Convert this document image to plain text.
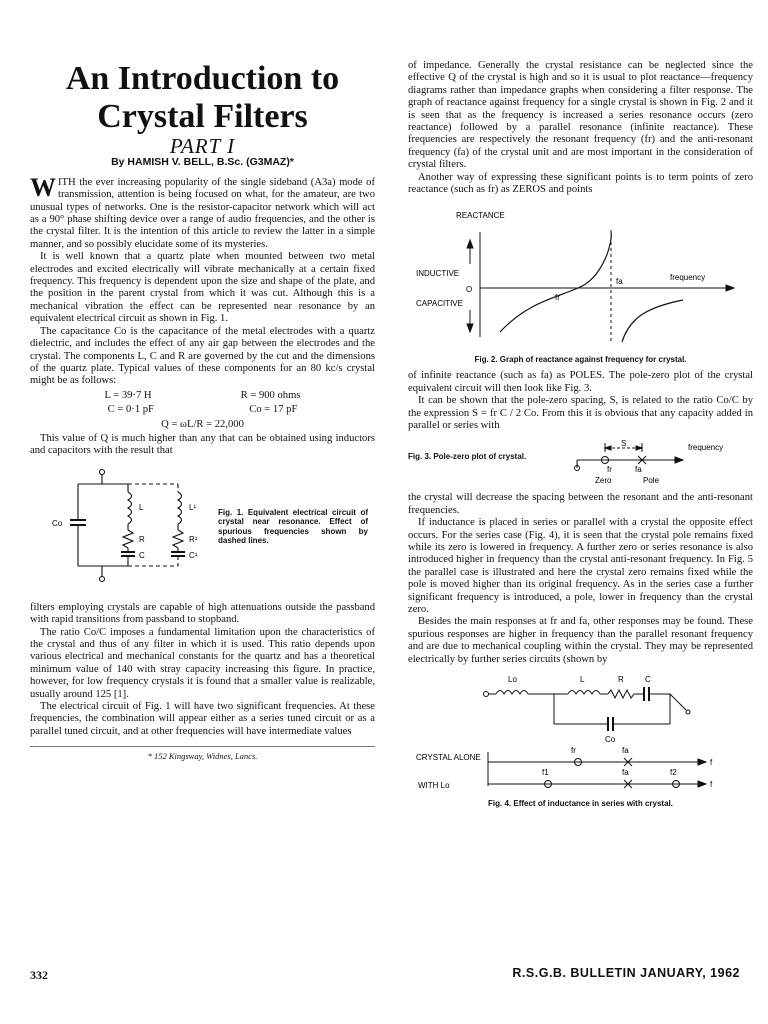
An Introduction to
Crystal Filters
PART I
By HAMISH V. BELL, B.Sc. (G3MAZ)*

WITH the ever increasing popularity of the single sideband (A3a) mode of transmission, attention is being focused on what, for the amateur, are two unusual types of networks. One is the resistor-capacitor network which will act as a 90° phase shifting device over a range of audio frequencies, and the other is the crystal filter. It is the intention of this article to review the latter in a simple manner, and so possibly elucidate some of its mysteries.

It is well known that a quartz plate when mounted between two metal electrodes and excited electrically will vibrate mechanically at a certain fixed frequency. This frequency is dependent upon the size and shape of the plate, and the position in the parent crystal from which it was cut. Although this is a mechanical vibration the effect can be represented near resonance by an equivalent electrical circuit as shown in Fig. 1.

The capacitance Co is the capacitance of the metal electrodes with a quartz dielectric, and includes the effect of any air gap between the electrodes and the crystal. The components L, C and R are governed by the cut and the dimensions of the quartz plate. Typical values of these components for an 80 kc/s crystal might be as follows:

L = 39·7 H	R = 900 ohms
C = 0·1 pF	Co = 17 pF
Q = ωL/R = 22,000

This value of Q is much higher than any that can be obtained using inductors and capacitors with the result that

Co
L
R
C
L¹
R¹
C¹
Fig. 1. Equivalent electrical circuit of crystal near resonance. Effect of spurious frequencies shown by dashed lines.

filters employing crystals are capable of high attenuations outside the passband with rapid transitions from passband to stopband.

The ratio Co/C imposes a fundamental limitation upon the characteristics of the crystal and thus of any filter in which it is used. This ratio depends upon various electrical and mechanical constants for the quartz and has a theoretical minimum value of 140 with stray capacity increasing this figure. In practice, however, for low frequency crystals it is found that a smaller value is realizable, usually around 125 [1].

The electrical circuit of Fig. 1 will have two significant frequencies. At these frequencies, the combination will appear either as a series tuned circuit or as a parallel tuned circuit, and at other frequencies will have intermediate values

* 152 Kingsway, Widnes, Lancs.

of impedance. Generally the crystal resistance can be neglected since the effective Q of the crystal is high and so it is usual to plot reactance—frequency diagrams rather than impedance graphs when considering a filter response. The graph of reactance against frequency for a single crystal is shown in Fig. 2 and it is seen that as the frequency is increased a series resonance occurs (zero reactance) followed by a parallel resonance (infinite reactance). These frequencies are respectively the resonant frequency (fr) and the anti-resonant frequency (fa) of the crystal unit and are most important in the consideration of crystal filters.

Another way of expressing these significant points is to term points of zero reactance (such as fr) as ZEROS and points

REACTANCE
INDUCTIVE
O
CAPACITIVE
fr
fa	frequency
Fig. 2. Graph of reactance against frequency for crystal.

of infinite reactance (such as fa) as POLES. The pole-zero plot of the crystal equivalent circuit will then look like Fig. 3.

It can be shown that the pole-zero spacing, S, is related to the ratio Co/C by the expression S = fr C / 2 Co. From this it is obvious that any capacity added in parallel or series with

Fig. 3. Pole-zero plot of crystal.
S	frequency
fr	fa
Zero	Pole

the crystal will decrease the spacing between the resonant and the anti-resonant frequencies.

If inductance is placed in series or parallel with a crystal the opposite effect occurs. For the series case (Fig. 4), it is seen that the crystal pole remains fixed while its zero is lowered in frequency. A further zero or series resonance is also introduced higher in frequency than the crystal anti-resonant frequency. In Fig. 5 the parallel case is illustrated and here the crystal zero remains fixed while the pole is moved higher than its original frequency. As in the series case a further significant frequency is introduced, a pole, lower in frequency than the crystal zero.

Besides the main responses at fr and fa, other responses may be found. These spurious responses are higher in frequency than the parallel resonant frequency and are due to mechanical coupling within the crystal. They may be represented electrically by further series circuits (shown by

Lo	L	R	C
Co
CRYSTAL ALONE
WITH Lo
fr	fa
f1	fa	f2
f
f
Fig. 4. Effect of inductance in series with crystal.
332	R.S.G.B. BULLETIN JANUARY, 1962
